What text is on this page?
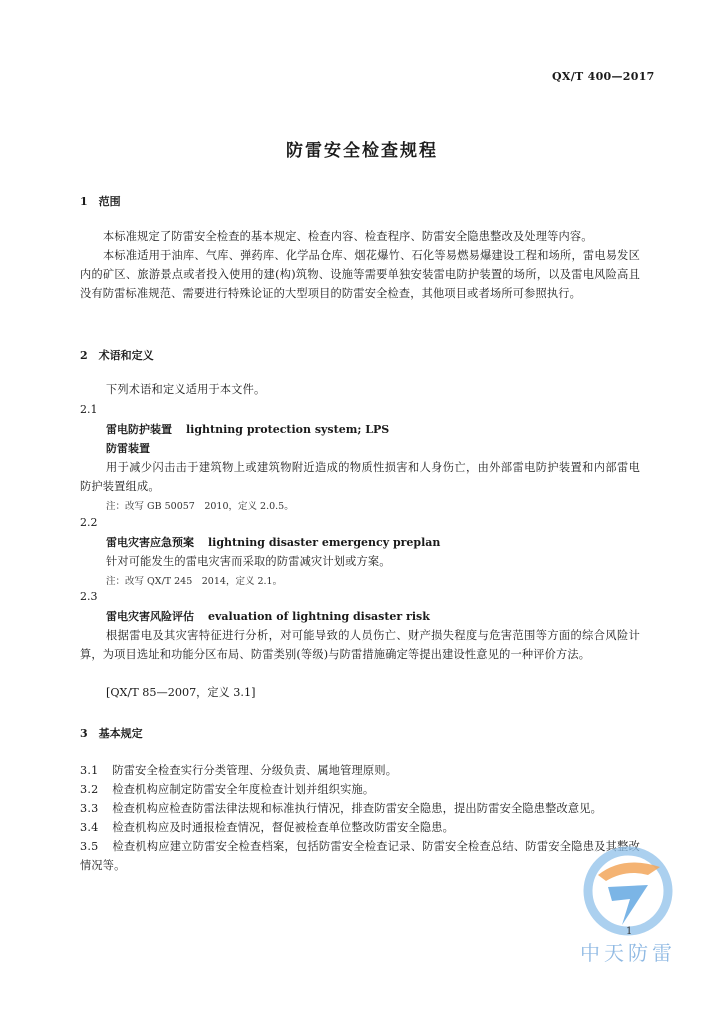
QX/T 400—2017
防雷安全检查规程
1　范围
本标准规定了防雷安全检查的基本规定、检查内容、检查程序、防雷安全隐患整改及处理等内容。
本标准适用于油库、气库、弹药库、化学品仓库、烟花爆竹、石化等易燃易爆建设工程和场所，雷电易发区内的矿区、旅游景点或者投入使用的建(构)筑物、设施等需要单独安装雷电防护装置的场所，以及雷电风险高且没有防雷标准规范、需要进行特殊论证的大型项目的防雷安全检查，其他项目或者场所可参照执行。
2　术语和定义
下列术语和定义适用于本文件。
2.1
雷电防护装置 lightning protection system; LPS
防雷装置
用于减少闪击击于建筑物上或建筑物附近造成的物质性损害和人身伤亡，由外部雷电防护装置和内部雷电防护装置组成。
注：改写 GB 50057　2010，定义 2.0.5。
2.2
雷电灾害应急预案 lightning disaster emergency preplan
针对可能发生的雷电灾害而采取的防雷减灾计划或方案。
注：改写 QX/T 245　2014，定义 2.1。
2.3
雷电灾害风险评估 evaluation of lightning disaster risk
根据雷电及其灾害特征进行分析，对可能导致的人员伤亡、财产损失程度与危害范围等方面的综合风险计算，为项目选址和功能分区布局、防雷类别(等级)与防雷措施确定等提出建设性意见的一种评价方法。
[QX/T 85—2007，定义 3.1]
3　基本规定
3.1 防雷安全检查实行分类管理、分级负责、属地管理原则。
3.2 检查机构应制定防雷安全年度检查计划并组织实施。
3.3 检查机构应检查防雷法律法规和标准执行情况，排查防雷安全隐患，提出防雷安全隐患整改意见。
3.4 检查机构应及时通报检查情况，督促被检查单位整改防雷安全隐患。
3.5 检查机构应建立防雷安全检查档案，包括防雷安全检查记录、防雷安全检查总结、防雷安全隐患及其整改情况等。
中天防雷
1
